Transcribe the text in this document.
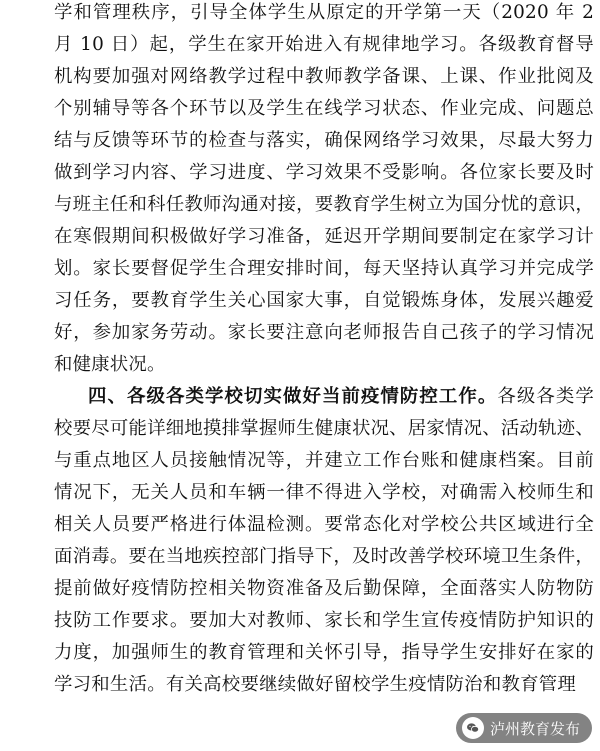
学和管理秩序，引导全体学生从原定的开学第一天（2020 年 2
月 10 日）起，学生在家开始进入有规律地学习。各级教育督导
机构要加强对网络教学过程中教师教学备课、上课、作业批阅及
个别辅导等各个环节以及学生在线学习状态、作业完成、问题总
结与反馈等环节的检查与落实，确保网络学习效果，尽最大努力
做到学习内容、学习进度、学习效果不受影响。各位家长要及时
与班主任和科任教师沟通对接，要教育学生树立为国分忧的意识，
在寒假期间积极做好学习准备，延迟开学期间要制定在家学习计
划。家长要督促学生合理安排时间，每天坚持认真学习并完成学
习任务，要教育学生关心国家大事，自觉锻炼身体，发展兴趣爱
好，参加家务劳动。家长要注意向老师报告自己孩子的学习情况
和健康状况。
四、各级各类学校切实做好当前疫情防控工作。各级各类学
校要尽可能详细地摸排掌握师生健康状况、居家情况、活动轨迹、
与重点地区人员接触情况等，并建立工作台账和健康档案。目前
情况下，无关人员和车辆一律不得进入学校，对确需入校师生和
相关人员要严格进行体温检测。要常态化对学校公共区域进行全
面消毒。要在当地疾控部门指导下，及时改善学校环境卫生条件，
提前做好疫情防控相关物资准备及后勤保障，全面落实人防物防
技防工作要求。要加大对教师、家长和学生宣传疫情防护知识的
力度，加强师生的教育管理和关怀引导，指导学生安排好在家的
学习和生活。有关高校要继续做好留校学生疫情防治和教育管理
泸州教育发布
